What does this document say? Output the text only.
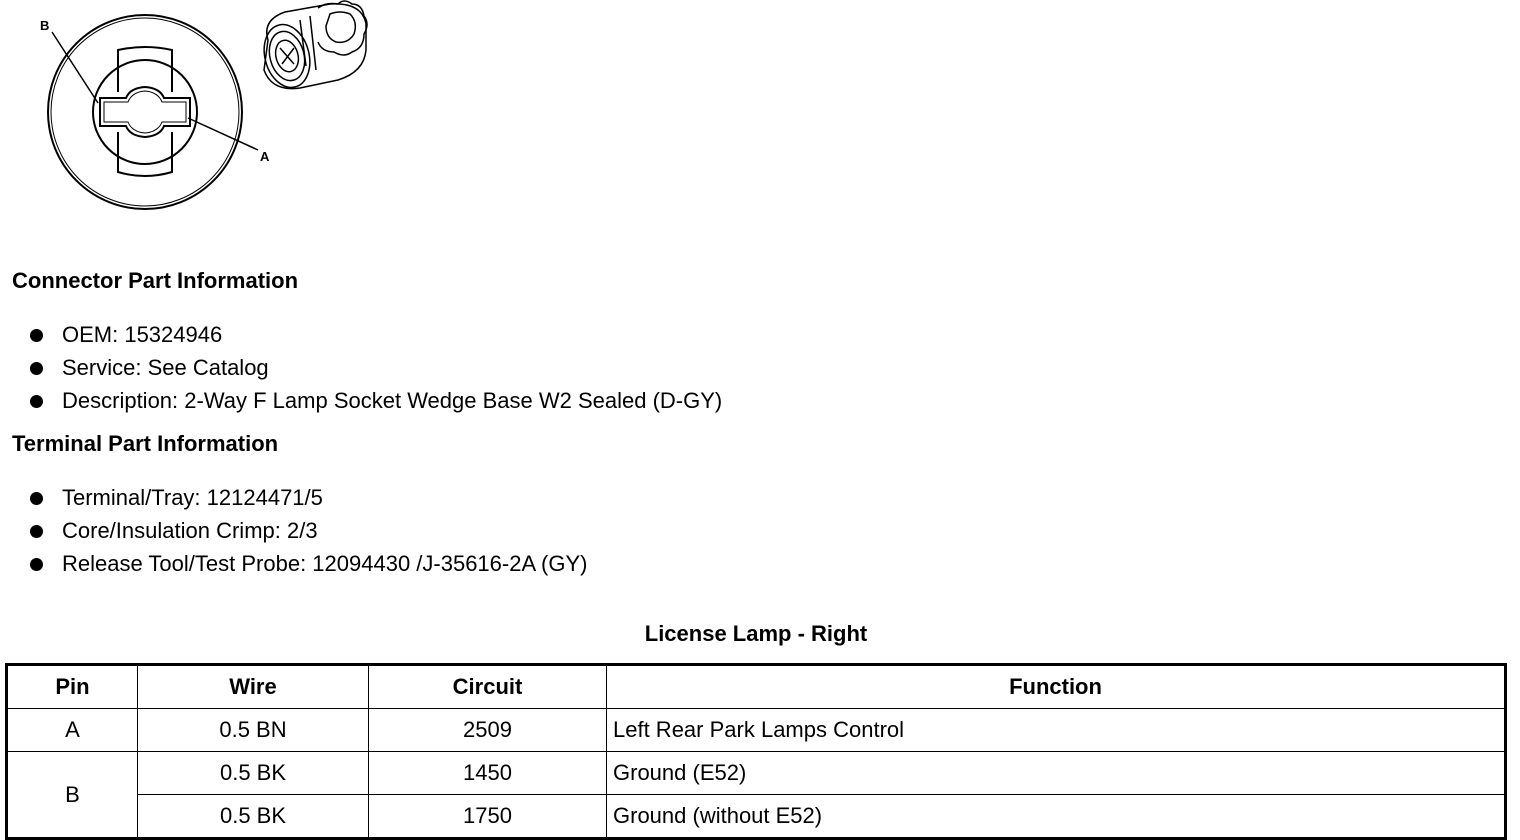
B
A
Connector Part Information
OEM: 15324946
Service: See Catalog
Description: 2-Way F Lamp Socket Wedge Base W2 Sealed (D-GY)
Terminal Part Information
Terminal/Tray: 12124471/5
Core/Insulation Crimp: 2/3
Release Tool/Test Probe: 12094430 /J-35616-2A (GY)
License Lamp - Right
Pin	Wire	Circuit	Function
A	0.5 BN	2509	Left Rear Park Lamps Control
B	0.5 BK	1450	Ground (E52)
	0.5 BK	1750	Ground (without E52)
